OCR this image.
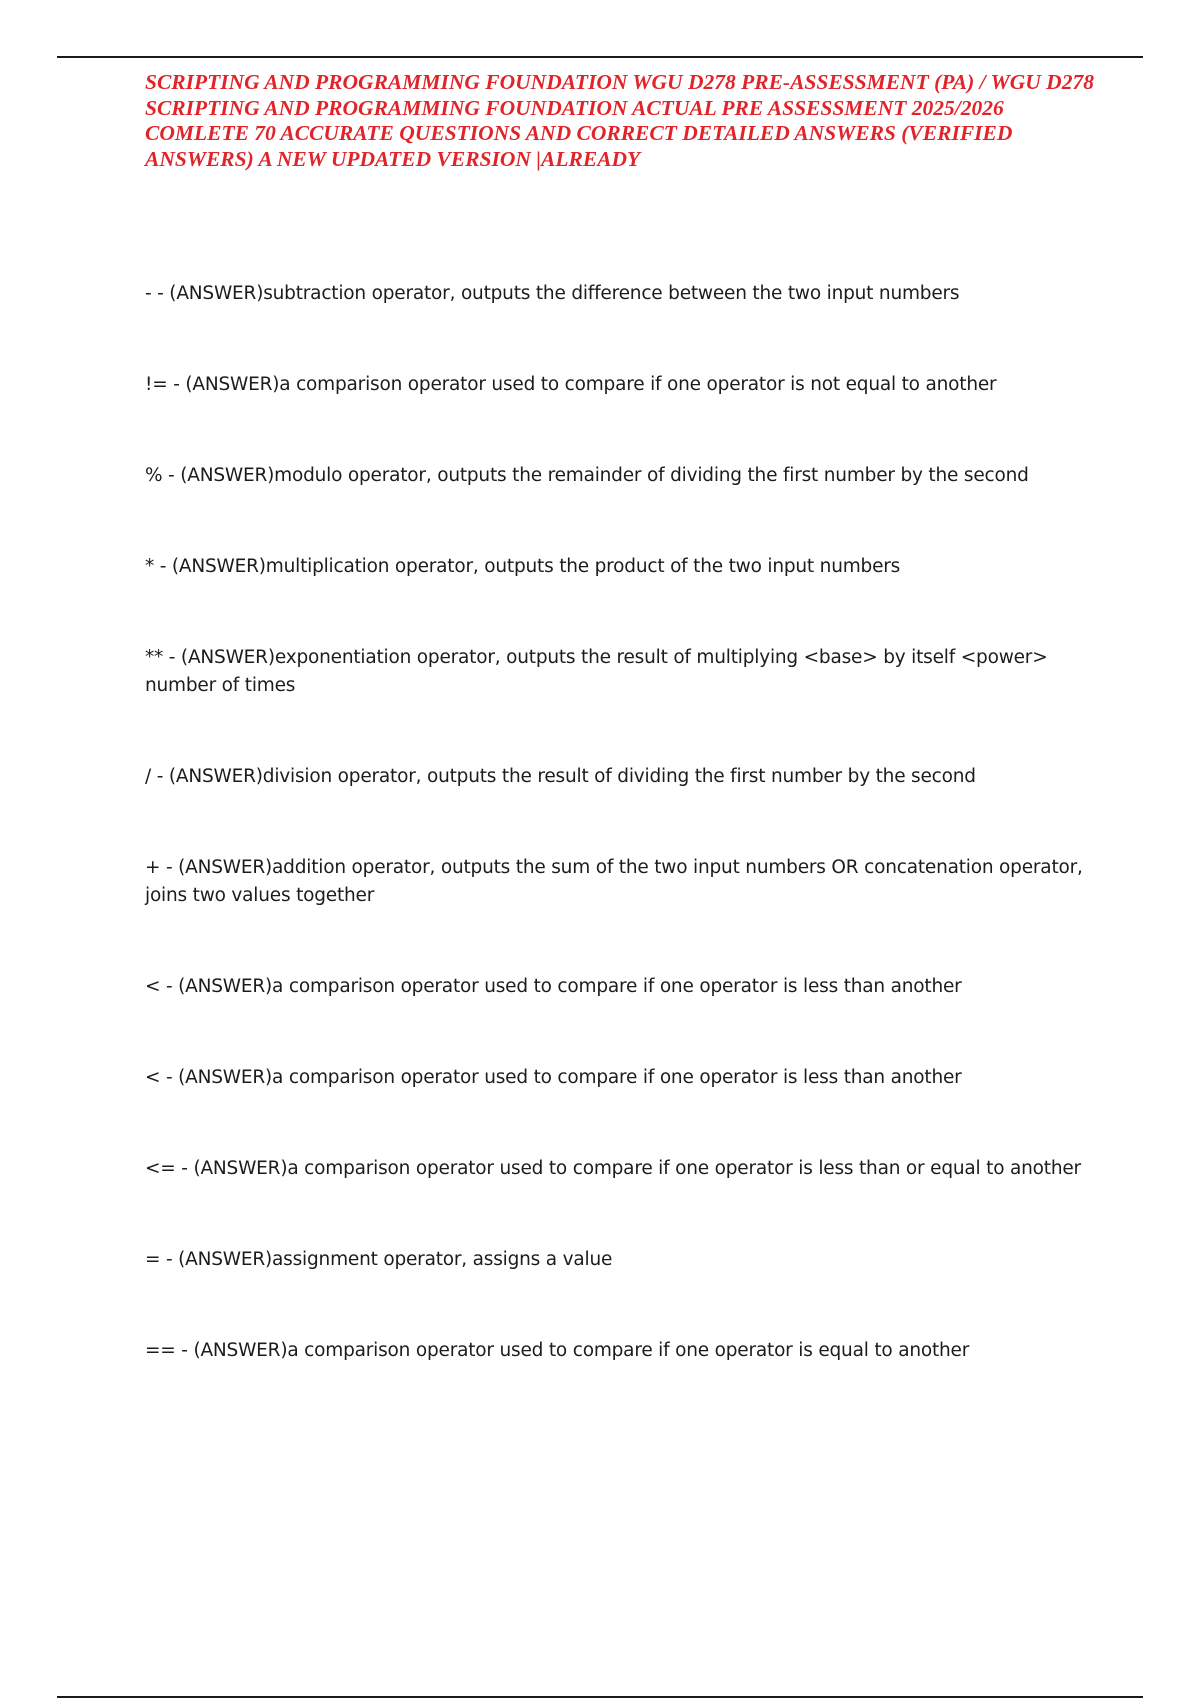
SCRIPTING AND PROGRAMMING FOUNDATION WGU D278 PRE-ASSESSMENT (PA) / WGU D278 SCRIPTING AND PROGRAMMING FOUNDATION ACTUAL PRE ASSESSMENT 2025/2026 COMLETE 70 ACCURATE QUESTIONS AND CORRECT DETAILED ANSWERS (VERIFIED ANSWERS) A NEW UPDATED VERSION |ALREADY
- - (ANSWER)subtraction operator, outputs the difference between the two input numbers
!= - (ANSWER)a comparison operator used to compare if one operator is not equal to another
% - (ANSWER)modulo operator, outputs the remainder of dividing the first number by the second
* - (ANSWER)multiplication operator, outputs the product of the two input numbers
** - (ANSWER)exponentiation operator, outputs the result of multiplying <base> by itself <power> number of times
/ - (ANSWER)division operator, outputs the result of dividing the first number by the second
+ - (ANSWER)addition operator, outputs the sum of the two input numbers OR concatenation operator, joins two values together
< - (ANSWER)a comparison operator used to compare if one operator is less than another
< - (ANSWER)a comparison operator used to compare if one operator is less than another
<= - (ANSWER)a comparison operator used to compare if one operator is less than or equal to another
= - (ANSWER)assignment operator, assigns a value
== - (ANSWER)a comparison operator used to compare if one operator is equal to another
